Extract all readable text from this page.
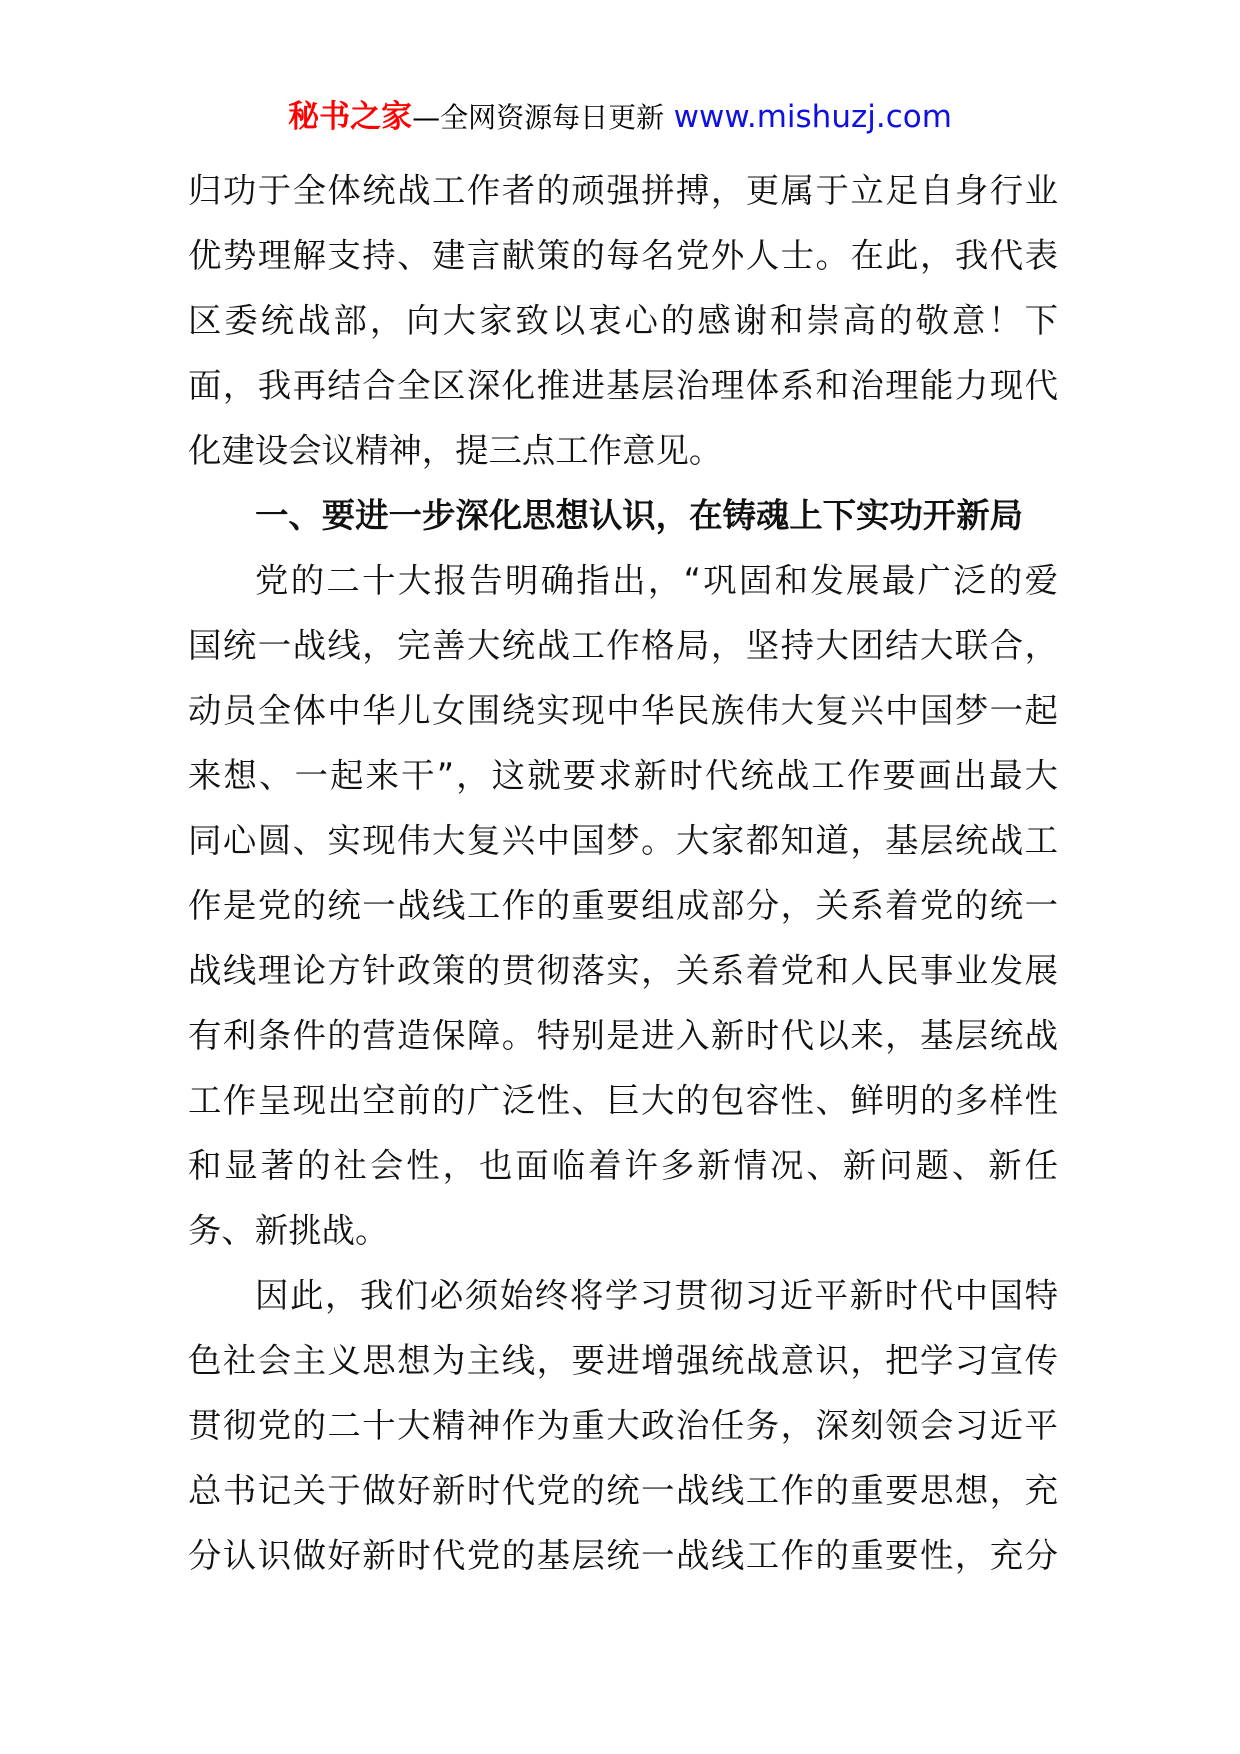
秘书之家—全网资源每日更新 www.mishuzj.com
归功于全体统战工作者的顽强拼搏，更属于立足自身行业
优势理解支持、建言献策的每名党外人士。在此，我代表
区委统战部，向大家致以衷心的感谢和崇高的敬意！下
面，我再结合全区深化推进基层治理体系和治理能力现代
化建设会议精神，提三点工作意见。
一、要进一步深化思想认识，在铸魂上下实功开新局
党的二十大报告明确指出，“巩固和发展最广泛的爱
国统一战线，完善大统战工作格局，坚持大团结大联合，
动员全体中华儿女围绕实现中华民族伟大复兴中国梦一起
来想、一起来干”，这就要求新时代统战工作要画出最大
同心圆、实现伟大复兴中国梦。大家都知道，基层统战工
作是党的统一战线工作的重要组成部分，关系着党的统一
战线理论方针政策的贯彻落实，关系着党和人民事业发展
有利条件的营造保障。特别是进入新时代以来，基层统战
工作呈现出空前的广泛性、巨大的包容性、鲜明的多样性
和显著的社会性，也面临着许多新情况、新问题、新任
务、新挑战。
因此，我们必须始终将学习贯彻习近平新时代中国特
色社会主义思想为主线，要进增强统战意识，把学习宣传
贯彻党的二十大精神作为重大政治任务，深刻领会习近平
总书记关于做好新时代党的统一战线工作的重要思想，充
分认识做好新时代党的基层统一战线工作的重要性，充分
